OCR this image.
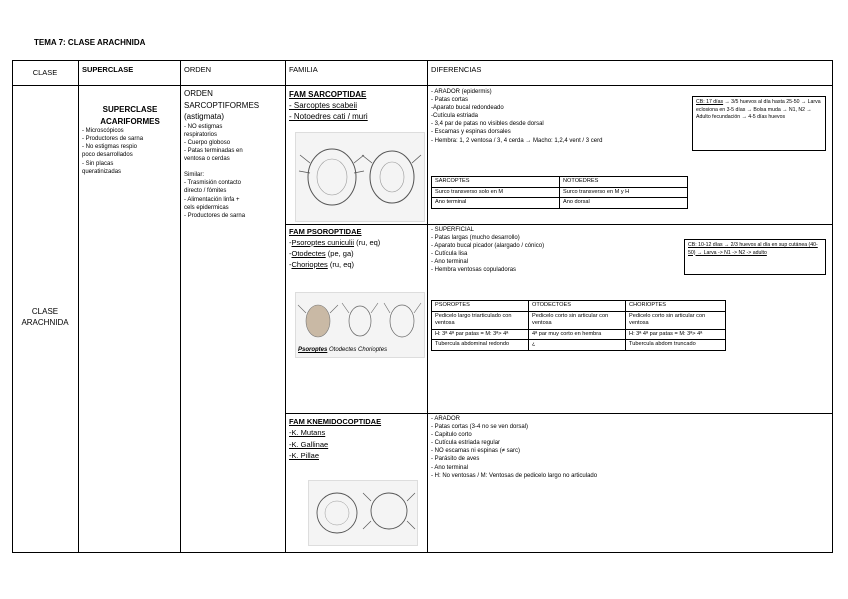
TEMA 7: CLASE ARACHNIDA
CLASE	SUPERCLASE	ORDEN	FAMILIA	DIFERENCIAS
CLASE
ARACHNIDA
SUPERCLASE
ACARIFORMES
- Microscópicos
- Productores de sarna
- No estigmas respio
poco desarrollados
- Sin placas
queratinizadas
ORDEN
SARCOPTIFORMES
(astigmata)
- NO estigmas
respiratorios
- Cuerpo globoso
- Patas terminadas en
ventosa o cerdas
Similar:
- Trasmisión contacto
directo / fómites
- Alimentación linfa +
cels epidermicas
- Productores de sarna
FAM SARCOPTIDAE
- Sarcoptes scabeii
- Notoedres cati / muri
- ARADOR (epidermis)
- Patas cortas
-Aparato bucal redondeado
-Cutícula estriada
- 3,4 par de patas no visibles desde dorsal
- Escamas y espinas dorsales
- Hembra: 1, 2 ventosa / 3, 4 cerda → Macho: 1,2,4 vent / 3 cerd
SARCOPTES	NOTOEDRES
Surco transverso solo en M	Surco transverso en M y H
Ano terminal	Ano dorsal
CB: 17 días → 3/5 huevos al día hasta 25-50 → Larva eclosiona en 3-5 días → Bolsa muda → N1, N2 → Adulto fecundación → 4-5 días huevos
FAM PSOROPTIDAE
-Psoroptes cuniculii (ru, eq)
-Otodectes (pe, ga)
-Chorioptes (ru, eq)
Psoroptes Otodectes Chorioptes
- SUPERFICIAL
- Patas largas (mucho desarrollo)
- Aparato bucal picador (alargado / cónico)
- Cutícula lisa
- Ano terminal
- Hembra ventosas copuladoras
PSOROPTES	OTODECTOES	CHORIOPTES
Pedicelo largo triarticulado con ventosa	Pedicelo corto sin articular con ventosa	Pedicelo corto sin articular con ventosa
H: 3ª 4ª par patas = M: 3ª> 4ª	4ª par muy corto en hembra	H: 3ª 4ª par patas = M: 3ª> 4ª
Tubercula abdominal redondo	¿	Tubercula abdom truncado
CB: 10-12 días → 2/3 huevos al día en sup cutánea (40-50) → Larva -> N1 -> N2 -> adulto
FAM KNEMIDOCOPTIDAE
-K. Mutans
-K. Gallinae
-K. Pillae
- ARADOR
- Patas cortas (3-4 no se ven dorsal)
- Capitulo corto
- Cutícula estriada regular
- NO escamas ni espinas (≠ sarc)
- Parásito de aves
- Ano terminal
- H: No ventosas / M: Ventosas de pedicelo largo no articulado
